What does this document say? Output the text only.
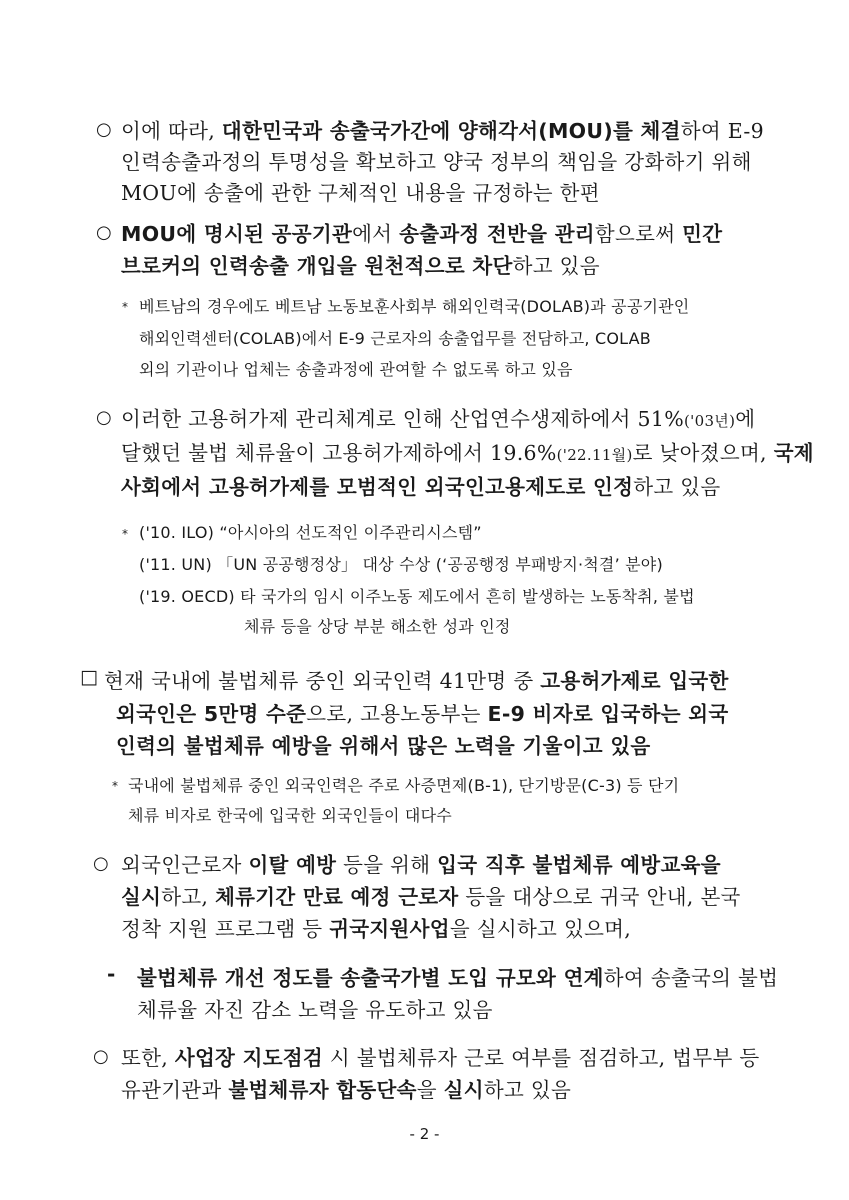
○ 이에 따라, 대한민국과 송출국가간에 양해각서(MOU)를 체결하여 E-9
인력송출과정의 투명성을 확보하고 양국 정부의 책임을 강화하기 위해
MOU에 송출에 관한 구체적인 내용을 규정하는 한편
○ MOU에 명시된 공공기관에서 송출과정 전반을 관리함으로써 민간
브로커의 인력송출 개입을 원천적으로 차단하고 있음
* 베트남의 경우에도 베트남 노동보훈사회부 해외인력국(DOLAB)과 공공기관인
해외인력센터(COLAB)에서 E-9 근로자의 송출업무를 전담하고, COLAB
외의 기관이나 업체는 송출과정에 관여할 수 없도록 하고 있음
○ 이러한 고용허가제 관리체계로 인해 산업연수생제하에서 51%('03년)에
달했던 불법 체류율이 고용허가제하에서 19.6%('22.11월)로 낮아졌으며, 국제
사회에서 고용허가제를 모범적인 외국인고용제도로 인정하고 있음
* ('10. ILO) “아시아의 선도적인 이주관리시스템”
('11. UN) 「UN 공공행정상」 대상 수상 (‘공공행정 부패방지·척결’ 분야)
('19. OECD) 타 국가의 임시 이주노동 제도에서 흔히 발생하는 노동착취, 불법
체류 등을 상당 부분 해소한 성과 인정
□ 현재 국내에 불법체류 중인 외국인력 41만명 중 고용허가제로 입국한
외국인은 5만명 수준으로, 고용노동부는 E-9 비자로 입국하는 외국
인력의 불법체류 예방을 위해서 많은 노력을 기울이고 있음
* 국내에 불법체류 중인 외국인력은 주로 사증면제(B-1), 단기방문(C-3) 등 단기
체류 비자로 한국에 입국한 외국인들이 대다수
○ 외국인근로자 이탈 예방 등을 위해 입국 직후 불법체류 예방교육을
실시하고, 체류기간 만료 예정 근로자 등을 대상으로 귀국 안내, 본국
정착 지원 프로그램 등 귀국지원사업을 실시하고 있으며,
- 불법체류 개선 정도를 송출국가별 도입 규모와 연계하여 송출국의 불법
체류율 자진 감소 노력을 유도하고 있음
○ 또한, 사업장 지도점검 시 불법체류자 근로 여부를 점검하고, 법무부 등
유관기관과 불법체류자 합동단속을 실시하고 있음
- 2 -
